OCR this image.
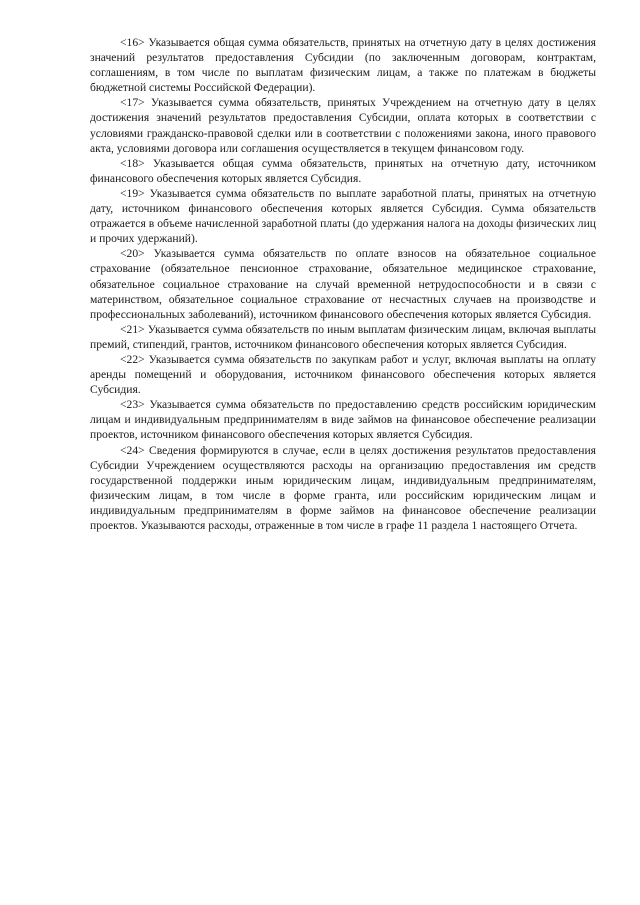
<16> Указывается общая сумма обязательств, принятых на отчетную дату в целях достижения значений результатов предоставления Субсидии (по заключенным договорам, контрактам, соглашениям, в том числе по выплатам физическим лицам, а также по платежам в бюджеты бюджетной системы Российской Федерации).

<17> Указывается сумма обязательств, принятых Учреждением на отчетную дату в целях достижения значений результатов предоставления Субсидии, оплата которых в соответствии с условиями гражданско-правовой сделки или в соответствии с положениями закона, иного правового акта, условиями договора или соглашения осуществляется в текущем финансовом году.

<18> Указывается общая сумма обязательств, принятых на отчетную дату, источником финансового обеспечения которых является Субсидия.

<19> Указывается сумма обязательств по выплате заработной платы, принятых на отчетную дату, источником финансового обеспечения которых является Субсидия. Сумма обязательств отражается в объеме начисленной заработной платы (до удержания налога на доходы физических лиц и прочих удержаний).

<20> Указывается сумма обязательств по оплате взносов на обязательное социальное страхование (обязательное пенсионное страхование, обязательное медицинское страхование, обязательное социальное страхование на случай временной нетрудоспособности и в связи с материнством, обязательное социальное страхование от несчастных случаев на производстве и профессиональных заболеваний), источником финансового обеспечения которых является Субсидия.

<21> Указывается сумма обязательств по иным выплатам физическим лицам, включая выплаты премий, стипендий, грантов, источником финансового обеспечения которых является Субсидия.

<22> Указывается сумма обязательств по закупкам работ и услуг, включая выплаты на оплату аренды помещений и оборудования, источником финансового обеспечения которых является Субсидия.

<23> Указывается сумма обязательств по предоставлению средств российским юридическим лицам и индивидуальным предпринимателям в виде займов на финансовое обеспечение реализации проектов, источником финансового обеспечения которых является Субсидия.

<24> Сведения формируются в случае, если в целях достижения результатов предоставления Субсидии Учреждением осуществляются расходы на организацию предоставления им средств государственной поддержки иным юридическим лицам, индивидуальным предпринимателям, физическим лицам, в том числе в форме гранта, или российским юридическим лицам и индивидуальным предпринимателям в форме займов на финансовое обеспечение реализации проектов. Указываются расходы, отраженные в том числе в графе 11 раздела 1 настоящего Отчета.
